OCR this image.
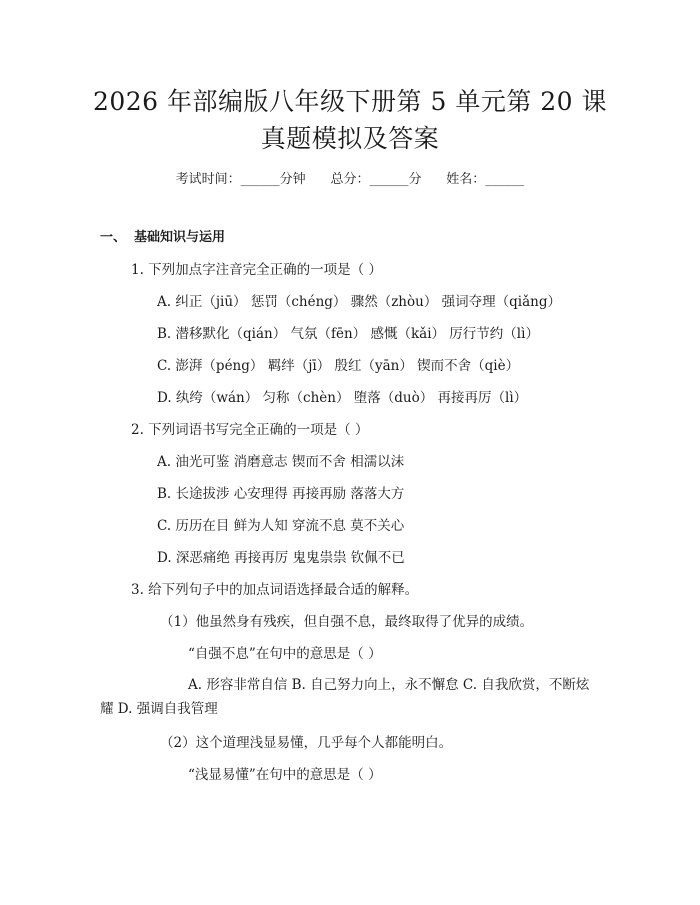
2026 年部编版八年级下册第 5 单元第 20 课
真题模拟及答案
考试时间：______分钟 总分：______分 姓名：______
一、 基础知识与运用
1. 下列加点字注音完全正确的一项是（ ）
A. 纠正（jiū） 惩罚（chéng） 骤然（zhòu） 强词夺理（qiǎng）
B. 潜移默化（qián） 气氛（fēn） 感慨（kǎi） 厉行节约（lì）
C. 澎湃（péng） 羁绊（jī） 殷红（yān） 锲而不舍（qiè）
D. 纨绔（wán） 匀称（chèn） 堕落（duò） 再接再厉（lì）
2. 下列词语书写完全正确的一项是（ ）
A. 油光可鉴 消磨意志 锲而不舍 相濡以沫
B. 长途拔涉 心安理得 再接再励 落落大方
C. 历历在目 鲜为人知 穿流不息 莫不关心
D. 深恶痛绝 再接再厉 鬼鬼祟祟 钦佩不已
3. 给下列句子中的加点词语选择最合适的解释。
（1）他虽然身有残疾，但自强不息，最终取得了优异的成绩。
“自强不息”在句中的意思是（ ）
A. 形容非常自信 B. 自己努力向上，永不懈怠 C. 自我欣赏，不断炫耀 D. 强调自我管理
（2）这个道理浅显易懂，几乎每个人都能明白。
“浅显易懂”在句中的意思是（ ）
